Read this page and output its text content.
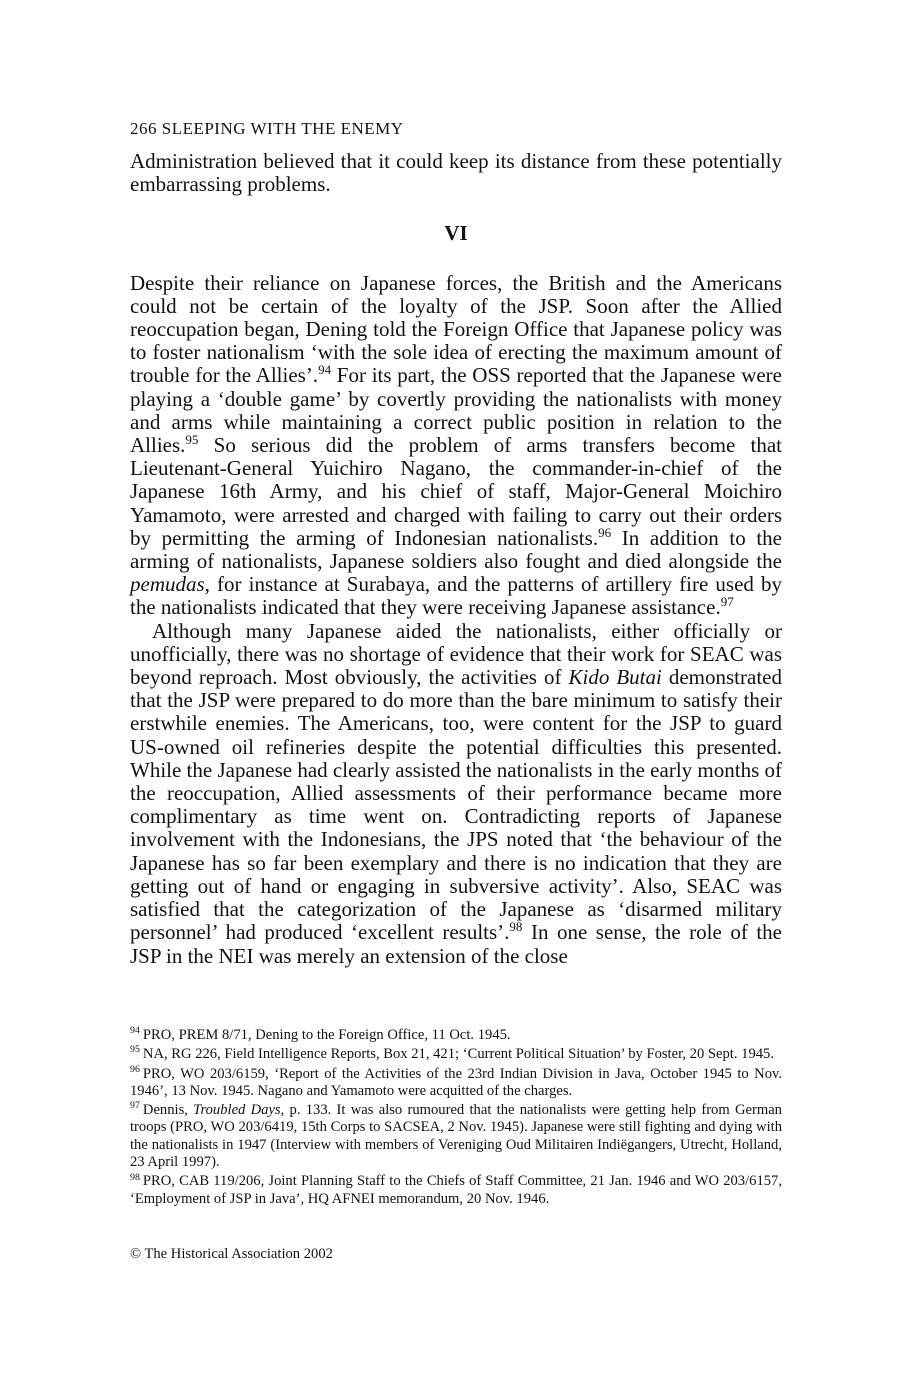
266 SLEEPING WITH THE ENEMY

Administration believed that it could keep its distance from these potentially embarrassing problems.

VI

Despite their reliance on Japanese forces, the British and the Americans could not be certain of the loyalty of the JSP. Soon after the Allied reoccupation began, Dening told the Foreign Office that Japanese policy was to foster nationalism ‘with the sole idea of erecting the maximum amount of trouble for the Allies’.$^{94}$ For its part, the OSS reported that the Japanese were playing a ‘double game’ by covertly providing the nationalists with money and arms while maintaining a correct public position in relation to the Allies.$^{95}$ So serious did the problem of arms transfers become that Lieutenant-General Yuichiro Nagano, the commander-in-chief of the Japanese 16th Army, and his chief of staff, Major-General Moichiro Yamamoto, were arrested and charged with failing to carry out their orders by permitting the arming of Indonesian nationalists.$^{96}$ In addition to the arming of nationalists, Japanese soldiers also fought and died alongside the pemudas, for instance at Surabaya, and the patterns of artillery fire used by the nationalists indicated that they were receiving Japanese assistance.$^{97}$

Although many Japanese aided the nationalists, either officially or unofficially, there was no shortage of evidence that their work for SEAC was beyond reproach. Most obviously, the activities of Kido Butai demonstrated that the JSP were prepared to do more than the bare minimum to satisfy their erstwhile enemies. The Americans, too, were content for the JSP to guard US-owned oil refineries despite the potential difficulties this presented. While the Japanese had clearly assisted the nationalists in the early months of the reoccupation, Allied assessments of their performance became more complimentary as time went on. Contradicting reports of Japanese involvement with the Indonesians, the JPS noted that ‘the behaviour of the Japanese has so far been exemplary and there is no indication that they are getting out of hand or engaging in subversive activity’. Also, SEAC was satisfied that the categorization of the Japanese as ‘disarmed military personnel’ had produced ‘excellent results’.$^{98}$ In one sense, the role of the JSP in the NEI was merely an extension of the close

$^{94}$ PRO, PREM 8/71, Dening to the Foreign Office, 11 Oct. 1945.
$^{95}$ NA, RG 226, Field Intelligence Reports, Box 21, 421; ‘Current Political Situation’ by Foster, 20 Sept. 1945.
$^{96}$ PRO, WO 203/6159, ‘Report of the Activities of the 23rd Indian Division in Java, October 1945 to Nov. 1946’, 13 Nov. 1945. Nagano and Yamamoto were acquitted of the charges.
$^{97}$ Dennis, Troubled Days, p. 133. It was also rumoured that the nationalists were getting help from German troops (PRO, WO 203/6419, 15th Corps to SACSEA, 2 Nov. 1945). Japanese were still fighting and dying with the nationalists in 1947 (Interview with members of Vereniging Oud Militairen Indiëgangers, Utrecht, Holland, 23 April 1997).
$^{98}$ PRO, CAB 119/206, Joint Planning Staff to the Chiefs of Staff Committee, 21 Jan. 1946 and WO 203/6157, ‘Employment of JSP in Java’, HQ AFNEI memorandum, 20 Nov. 1946.
© The Historical Association 2002
